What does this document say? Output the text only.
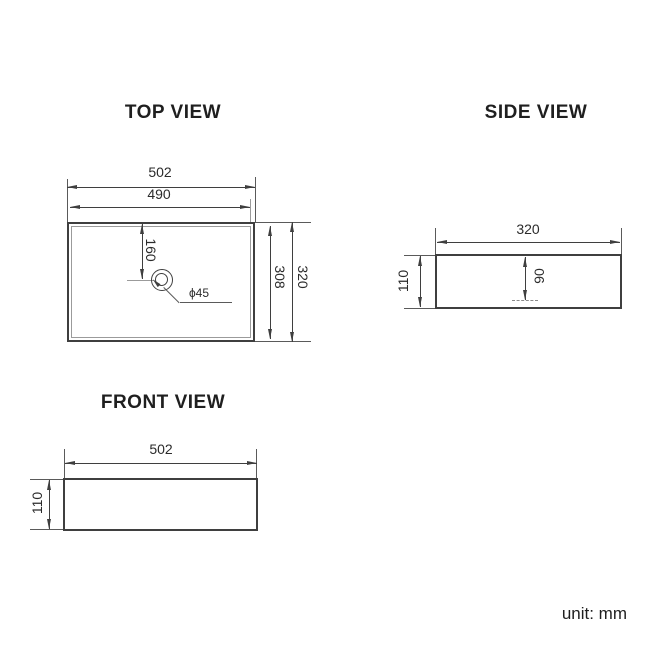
TOP VIEW
502
490
160
ϕ45
308 320
SIDE VIEW
320
110	90
FRONT VIEW
502
110
unit: mm
